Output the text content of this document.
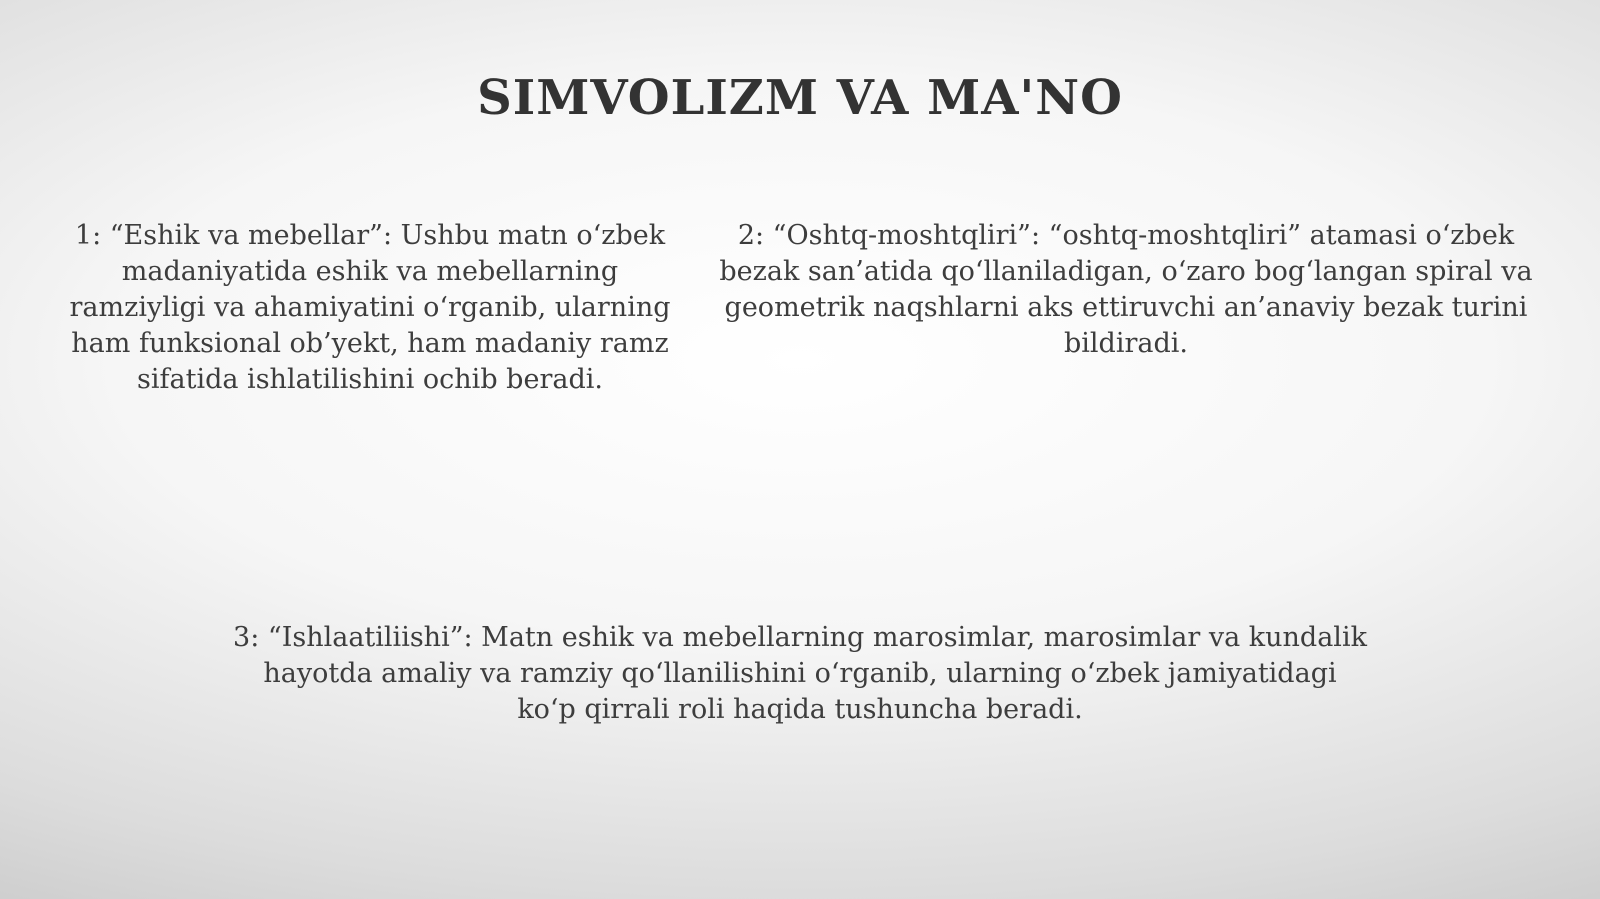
SIMVOLIZM VA MA'NO

1: “Eshik va mebellar”: Ushbu matn o‘zbek madaniyatida eshik va mebellarning ramziyligi va ahamiyatini o‘rganib, ularning ham funksional ob’yekt, ham madaniy ramz sifatida ishlatilishini ochib beradi.

2: “Oshtq-moshtqliri”: “oshtq-moshtqliri” atamasi o‘zbek bezak san’atida qo‘llaniladigan, o‘zaro bog‘langan spiral va geometrik naqshlarni aks ettiruvchi an’anaviy bezak turini bildiradi.

3: “Ishlaatiliishi”: Matn eshik va mebellarning marosimlar, marosimlar va kundalik hayotda amaliy va ramziy qo‘llanilishini o‘rganib, ularning o‘zbek jamiyatidagi ko‘p qirrali roli haqida tushuncha beradi.
